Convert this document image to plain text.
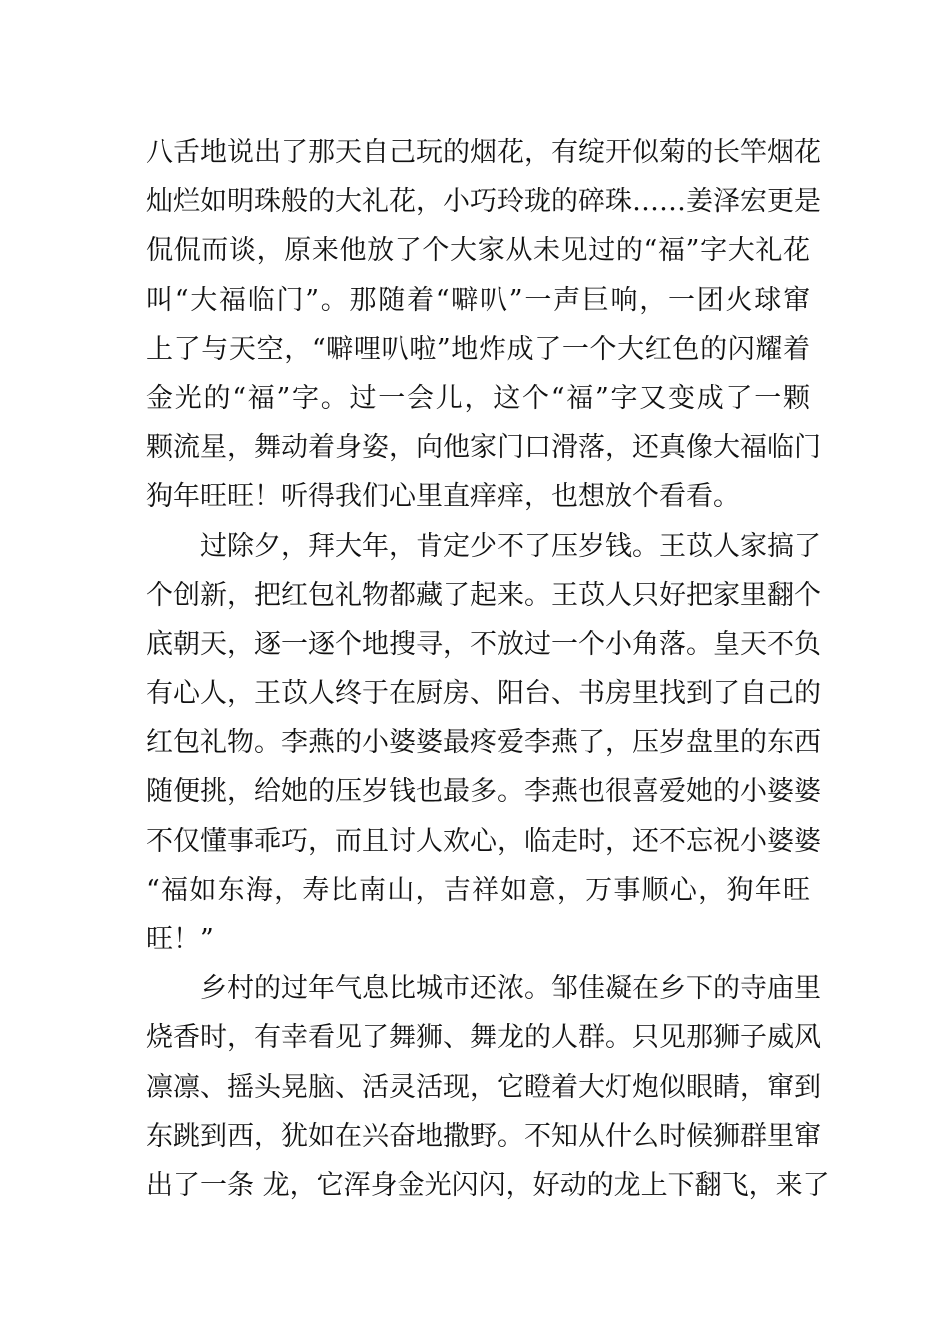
八舌地说出了那天自己玩的烟花，有绽开似菊的长竿烟花
灿烂如明珠般的大礼花，小巧玲珑的碎珠……姜泽宏更是
侃侃而谈，原来他放了个大家从未见过的“福”字大礼花
叫“大福临门”。那随着“噼叭”一声巨响，一团火球窜
上了与天空，“噼哩叭啦”地炸成了一个大红色的闪耀着
金光的“福”字。过一会儿，这个“福”字又变成了一颗
颗流星，舞动着身姿，向他家门口滑落，还真像大福临门
狗年旺旺！听得我们心里直痒痒，也想放个看看。
过除夕，拜大年，肯定少不了压岁钱。王苡人家搞了
个创新，把红包礼物都藏了起来。王苡人只好把家里翻个
底朝天，逐一逐个地搜寻，不放过一个小角落。皇天不负
有心人，王苡人终于在厨房、阳台、书房里找到了自己的
红包礼物。李燕的小婆婆最疼爱李燕了，压岁盘里的东西
随便挑，给她的压岁钱也最多。李燕也很喜爱她的小婆婆
不仅懂事乖巧，而且讨人欢心，临走时，还不忘祝小婆婆
“福如东海，寿比南山，吉祥如意，万事顺心，狗年旺
旺！”
乡村的过年气息比城市还浓。邹佳凝在乡下的寺庙里
烧香时，有幸看见了舞狮、舞龙的人群。只见那狮子威风
凛凛、摇头晃脑、活灵活现，它瞪着大灯炮似眼睛，窜到
东跳到西，犹如在兴奋地撒野。不知从什么时候狮群里窜
出了一条 龙，它浑身金光闪闪，好动的龙上下翻飞，来了
